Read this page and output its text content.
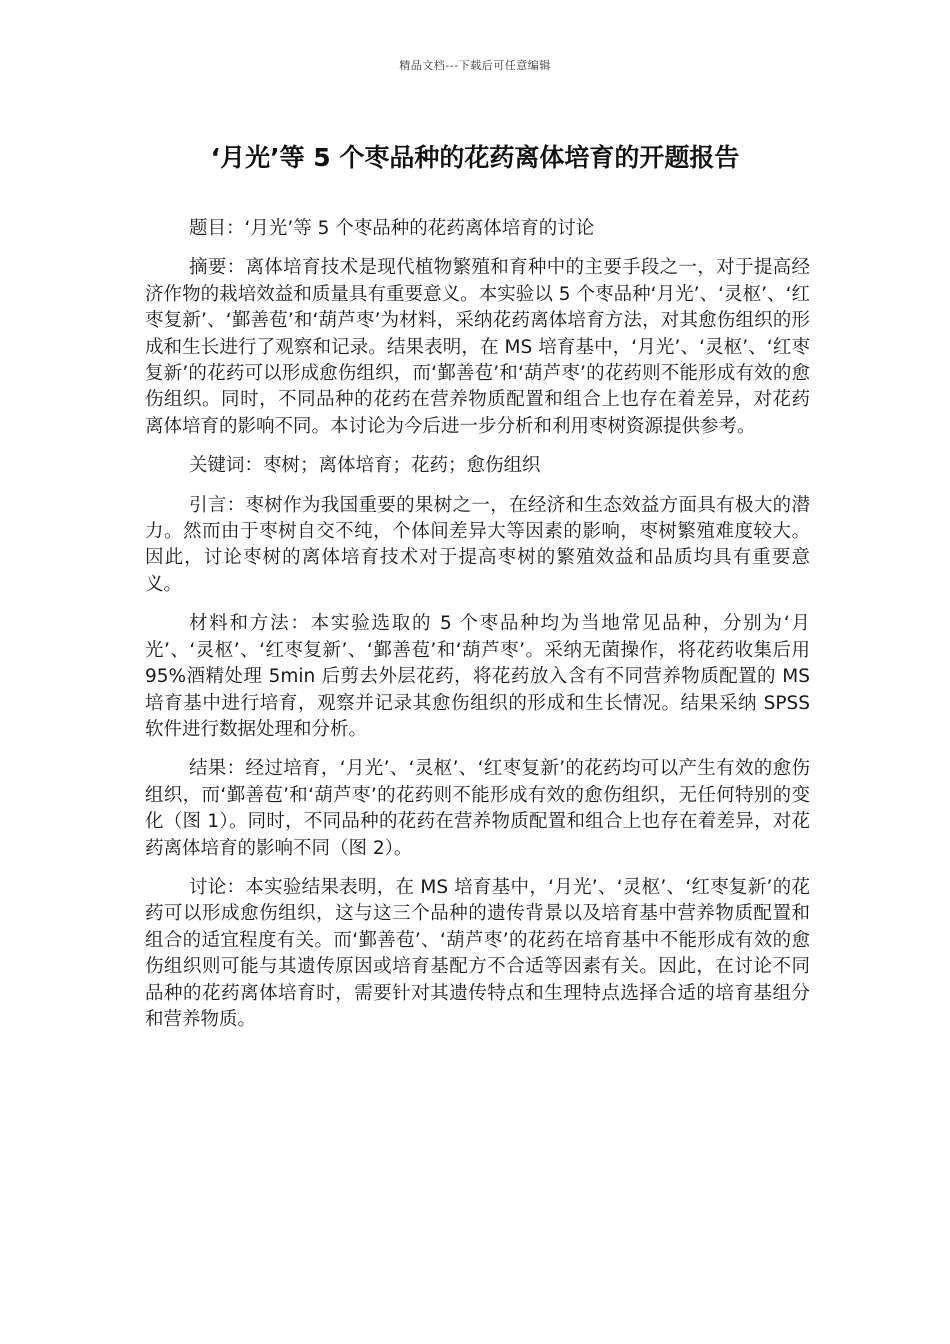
精品文档---下载后可任意编辑
‘月光’等 5 个枣品种的花药离体培育的开题报告

题目：‘月光’等 5 个枣品种的花药离体培育的讨论

摘要：离体培育技术是现代植物繁殖和育种中的主要手段之一，对于提高经济作物的栽培效益和质量具有重要意义。本实验以 5 个枣品种‘月光’、‘灵枢’、‘红枣复新’、‘鄞善苞’和‘葫芦枣’为材料，采纳花药离体培育方法，对其愈伤组织的形成和生长进行了观察和记录。结果表明，在 MS 培育基中，‘月光’、‘灵枢’、‘红枣复新’的花药可以形成愈伤组织，而‘鄞善苞’和‘葫芦枣’的花药则不能形成有效的愈伤组织。同时，不同品种的花药在营养物质配置和组合上也存在着差异，对花药离体培育的影响不同。本讨论为今后进一步分析和利用枣树资源提供参考。

关键词：枣树；离体培育；花药；愈伤组织

引言：枣树作为我国重要的果树之一，在经济和生态效益方面具有极大的潜力。然而由于枣树自交不纯，个体间差异大等因素的影响，枣树繁殖难度较大。因此，讨论枣树的离体培育技术对于提高枣树的繁殖效益和品质均具有重要意义。

材料和方法：本实验选取的 5 个枣品种均为当地常见品种，分别为‘月光’、‘灵枢’、‘红枣复新’、‘鄞善苞’和‘葫芦枣’。采纳无菌操作，将花药收集后用 95%酒精处理 5min 后剪去外层花药，将花药放入含有不同营养物质配置的 MS 培育基中进行培育，观察并记录其愈伤组织的形成和生长情况。结果采纳 SPSS 软件进行数据处理和分析。

结果：经过培育，‘月光’、‘灵枢’、‘红枣复新’的花药均可以产生有效的愈伤组织，而‘鄞善苞’和‘葫芦枣’的花药则不能形成有效的愈伤组织，无任何特别的变化（图 1）。同时，不同品种的花药在营养物质配置和组合上也存在着差异，对花药离体培育的影响不同（图 2）。

讨论：本实验结果表明，在 MS 培育基中，‘月光’、‘灵枢’、‘红枣复新’的花药可以形成愈伤组织，这与这三个品种的遗传背景以及培育基中营养物质配置和组合的适宜程度有关。而‘鄞善苞’、‘葫芦枣’的花药在培育基中不能形成有效的愈伤组织则可能与其遗传原因或培育基配方不合适等因素有关。因此，在讨论不同品种的花药离体培育时，需要针对其遗传特点和生理特点选择合适的培育基组分和营养物质。
